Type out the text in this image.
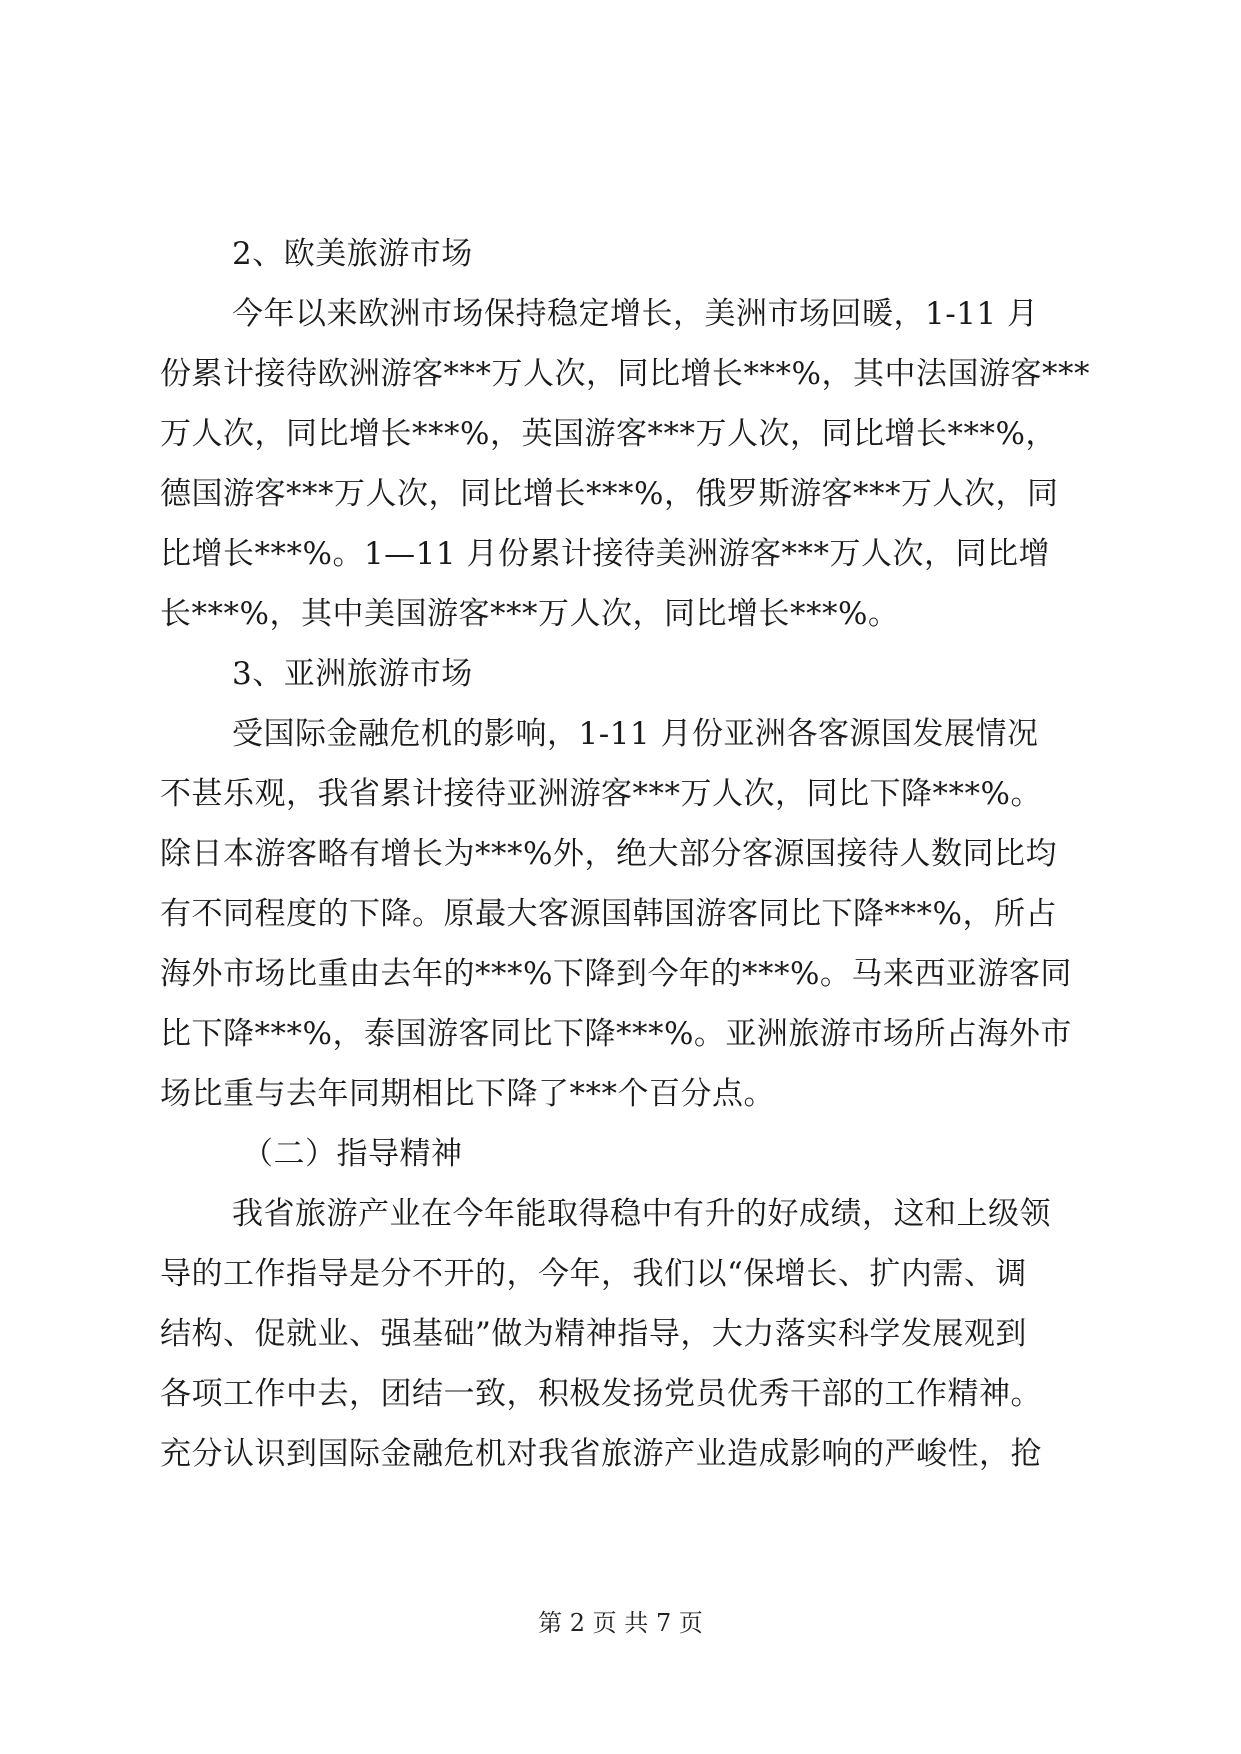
2、欧美旅游市场
今年以来欧洲市场保持稳定增长，美洲市场回暖，1-11 月
份累计接待欧洲游客***万人次，同比增长***%，其中法国游客***
万人次，同比增长***%，英国游客***万人次，同比增长***%，
德国游客***万人次，同比增长***%，俄罗斯游客***万人次，同
比增长***%。1—11 月份累计接待美洲游客***万人次，同比增
长***%，其中美国游客***万人次，同比增长***%。
3、亚洲旅游市场
受国际金融危机的影响，1-11 月份亚洲各客源国发展情况
不甚乐观，我省累计接待亚洲游客***万人次，同比下降***%。
除日本游客略有增长为***%外，绝大部分客源国接待人数同比均
有不同程度的下降。原最大客源国韩国游客同比下降***%，所占
海外市场比重由去年的***%下降到今年的***%。马来西亚游客同
比下降***%，泰国游客同比下降***%。亚洲旅游市场所占海外市
场比重与去年同期相比下降了***个百分点。
（二）指导精神
我省旅游产业在今年能取得稳中有升的好成绩，这和上级领
导的工作指导是分不开的，今年，我们以“保增长、扩内需、调
结构、促就业、强基础”做为精神指导，大力落实科学发展观到
各项工作中去，团结一致，积极发扬党员优秀干部的工作精神。
充分认识到国际金融危机对我省旅游产业造成影响的严峻性，抢
第 2 页 共 7 页
